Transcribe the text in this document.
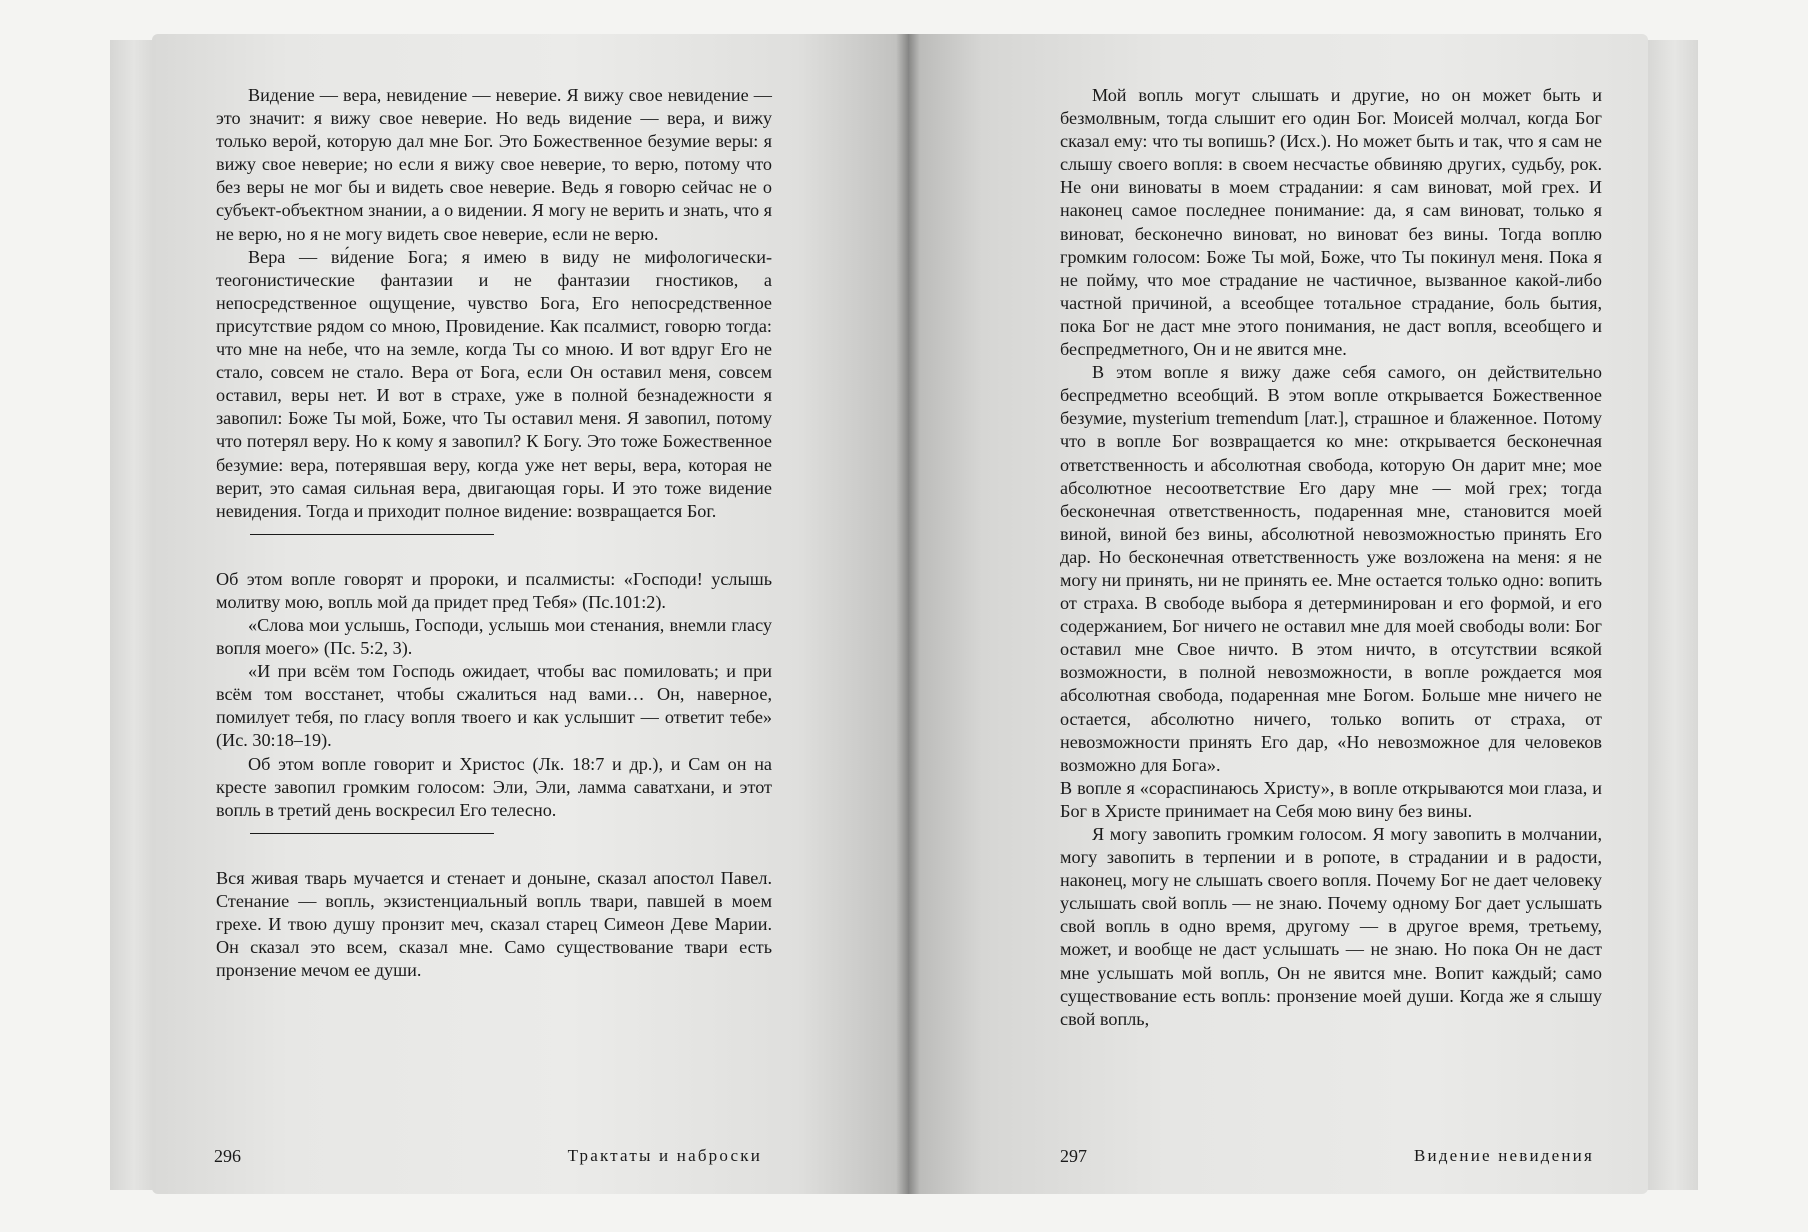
Видение — вера, невидение — неверие. Я вижу свое невидение — это значит: я вижу свое неверие. Но ведь видение — вера, и вижу только верой, которую дал мне Бог. Это Божественное безумие веры: я вижу свое неверие; но если я вижу свое неверие, то верю, потому что без веры не мог бы и видеть свое неверие. Ведь я говорю сейчас не о субъект-объектном знании, а о видении. Я могу не верить и знать, что я не верю, но я не могу видеть свое неверие, если не верю.

Вера — ви́дение Бога; я имею в виду не мифологически-теогонистические фантазии и не фантазии гностиков, а непосредственное ощущение, чувство Бога, Его непосредственное присутствие рядом со мною, Провидение. Как псалмист, говорю тогда: что мне на небе, что на земле, когда Ты со мною. И вот вдруг Его не стало, совсем не стало. Вера от Бога, если Он оставил меня, совсем оставил, веры нет. И вот в страхе, уже в полной безнадежности я завопил: Боже Ты мой, Боже, что Ты оставил меня. Я завопил, потому что потерял веру. Но к кому я завопил? К Богу. Это тоже Божественное безумие: вера, потерявшая веру, когда уже нет веры, вера, которая не верит, это самая сильная вера, двигающая горы. И это тоже видение невидения. Тогда и приходит полное видение: возвращается Бог.

Об этом вопле говорят и пророки, и псалмисты: «Господи! услышь молитву мою, вопль мой да придет пред Тебя» (Пс.101:2).

«Слова мои услышь, Господи, услышь мои стенания, внемли гласу вопля моего» (Пс. 5:2, 3).

«И при всём том Господь ожидает, чтобы вас помиловать; и при всём том восстанет, чтобы сжалиться над вами… Он, наверное, помилует тебя, по гласу вопля твоего и как услышит — ответит тебе» (Ис. 30:18–19).

Об этом вопле говорит и Христос (Лк. 18:7 и др.), и Сам он на кресте завопил громким голосом: Эли, Эли, ламма саватхани, и этот вопль в третий день воскресил Его телесно.

Вся живая тварь мучается и стенает и доныне, сказал апостол Павел. Стенание — вопль, экзистенциальный вопль твари, павшей в моем грехе. И твою душу пронзит меч, сказал старец Симеон Деве Марии. Он сказал это всем, сказал мне. Само существование твари есть пронзение мечом ее души.

296	Трактаты и наброски

Мой вопль могут слышать и другие, но он может быть и безмолвным, тогда слышит его один Бог. Моисей молчал, когда Бог сказал ему: что ты вопишь? (Исх.). Но может быть и так, что я сам не слышу своего вопля: в своем несчастье обвиняю других, судьбу, рок. Не они виноваты в моем страдании: я сам виноват, мой грех. И наконец самое последнее понимание: да, я сам виноват, только я виноват, бесконечно виноват, но виноват без вины. Тогда воплю громким голосом: Боже Ты мой, Боже, что Ты покинул меня. Пока я не пойму, что мое страдание не частичное, вызванное какой-либо частной причиной, а всеобщее тотальное страдание, боль бытия, пока Бог не даст мне этого понимания, не даст вопля, всеобщего и беспредметного, Он и не явится мне.

В этом вопле я вижу даже себя самого, он действительно беспредметно всеобщий. В этом вопле открывается Божественное безумие, mysterium tremendum [лат.], страшное и блаженное. Потому что в вопле Бог возвращается ко мне: открывается бесконечная ответственность и абсолютная свобода, которую Он дарит мне; мое абсолютное несоответствие Его дару мне — мой грех; тогда бесконечная ответственность, подаренная мне, становится моей виной, виной без вины, абсолютной невозможностью принять Его дар. Но бесконечная ответственность уже возложена на меня: я не могу ни принять, ни не принять ее. Мне остается только одно: вопить от страха. В свободе выбора я детерминирован и его формой, и его содержанием, Бог ничего не оставил мне для моей свободы воли: Бог оставил мне Свое ничто. В этом ничто, в отсутствии всякой возможности, в полной невозможности, в вопле рождается моя абсолютная свобода, подаренная мне Богом. Больше мне ничего не остается, абсолютно ничего, только вопить от страха, от невозможности принять Его дар, «Но невозможное для человеков возможно для Бога».

В вопле я «сораспинаюсь Христу», в вопле открываются мои глаза, и Бог в Христе принимает на Себя мою вину без вины.

Я могу завопить громким голосом. Я могу завопить в молчании, могу завопить в терпении и в ропоте, в страдании и в радости, наконец, могу не слышать своего вопля. Почему Бог не дает человеку услышать свой вопль — не знаю. Почему одному Бог дает услышать свой вопль в одно время, другому — в другое время, третьему, может, и вообще не даст услышать — не знаю. Но пока Он не даст мне услышать мой вопль, Он не явится мне. Вопит каждый; само существование есть вопль: пронзение моей души. Когда же я слышу свой вопль,

297	Видение невидения
